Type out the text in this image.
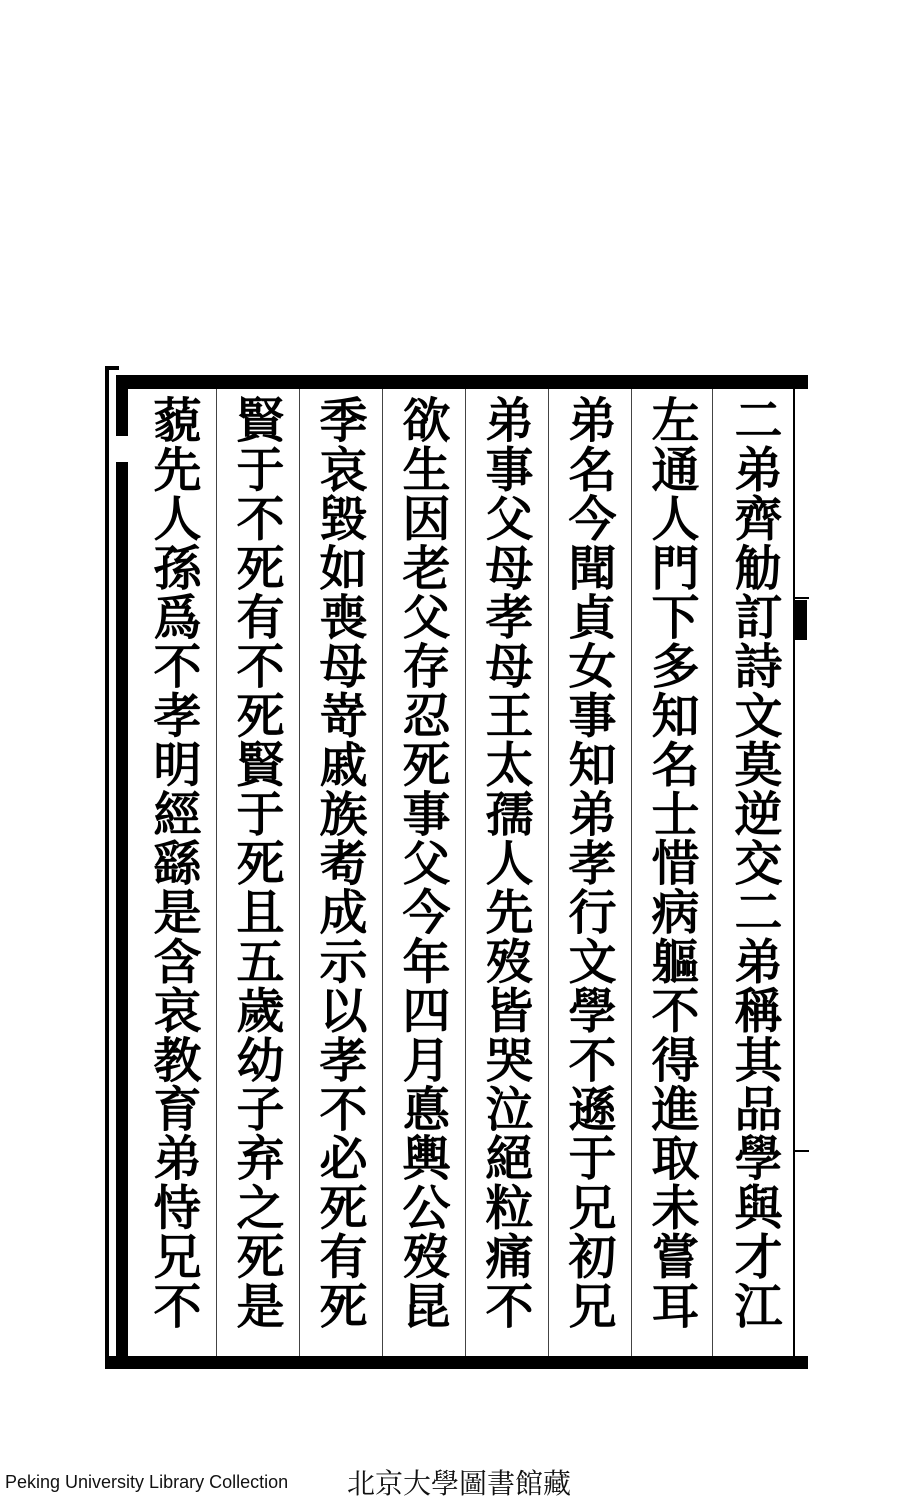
二弟齊觔訂詩文莫逆交二弟稱其品學與才江
左通人門下多知名士惜病軀不得進取未嘗耳
弟名今聞貞女事知弟孝行文學不遜于兄初兄
弟事父母孝母王太孺人先歿皆哭泣絕粒痛不
欲生因老父存忍死事父今年四月悳輿公歿昆
季哀毀如喪母嵜戚族耇成示以孝不必死有死
賢于不死有不死賢于死且五歲幼子弃之死是
藐先人孫爲不孝明經繇是含哀教育弟恃兄不
Peking University Library Collection 北京大學圖書館藏
